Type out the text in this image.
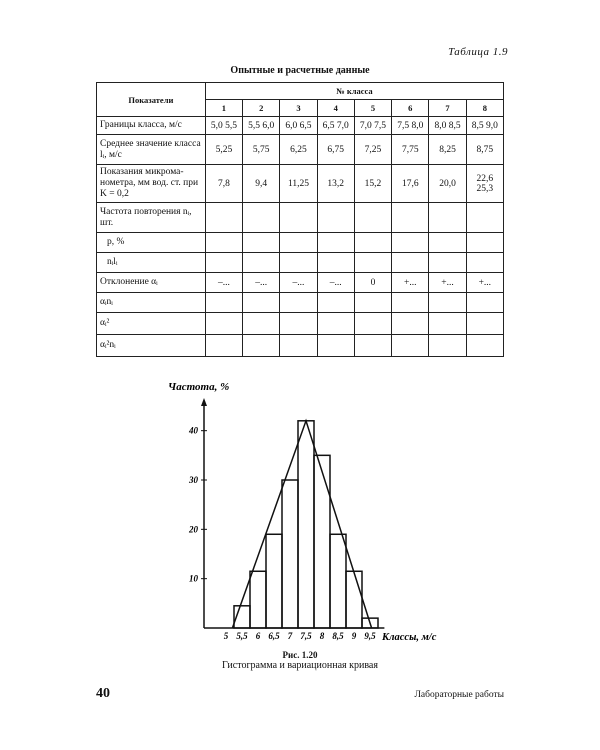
Таблица 1.9
Опытные и расчетные данные
Показатели	№ класса							
	1	2	3	4	5	6	7	8
Границы класса, м/с	5,0 5,5	5,5 6,0	6,0 6,5	6,5 7,0	7,0 7,5	7,5 8,0	8,0 8,5	8,5 9,0
Среднее значение класса lᵢ, м/с	5,25	5,75	6,25	6,75	7,25	7,75	8,25	8,75
Показания микрома-нометра, мм вод. ст. при K = 0,2	7,8	9,4	11,25	13,2	15,2	17,6	20,0	22,6 25,3
Частота повторения nᵢ, шт.								
p, %								
nᵢlᵢ								
Отклонение αᵢ	–...	–...	–...	–...	0	+...	+...	+...
αᵢnᵢ								
αᵢ²								
αᵢ²nᵢ								
10
20
30
40
5 5,5 6 6,5 7 7,5 8 8,5 9 9,5
Частота, %
Классы, м/с
Рис. 1.20
Гистограмма и вариационная кривая
40	Лабораторные работы
